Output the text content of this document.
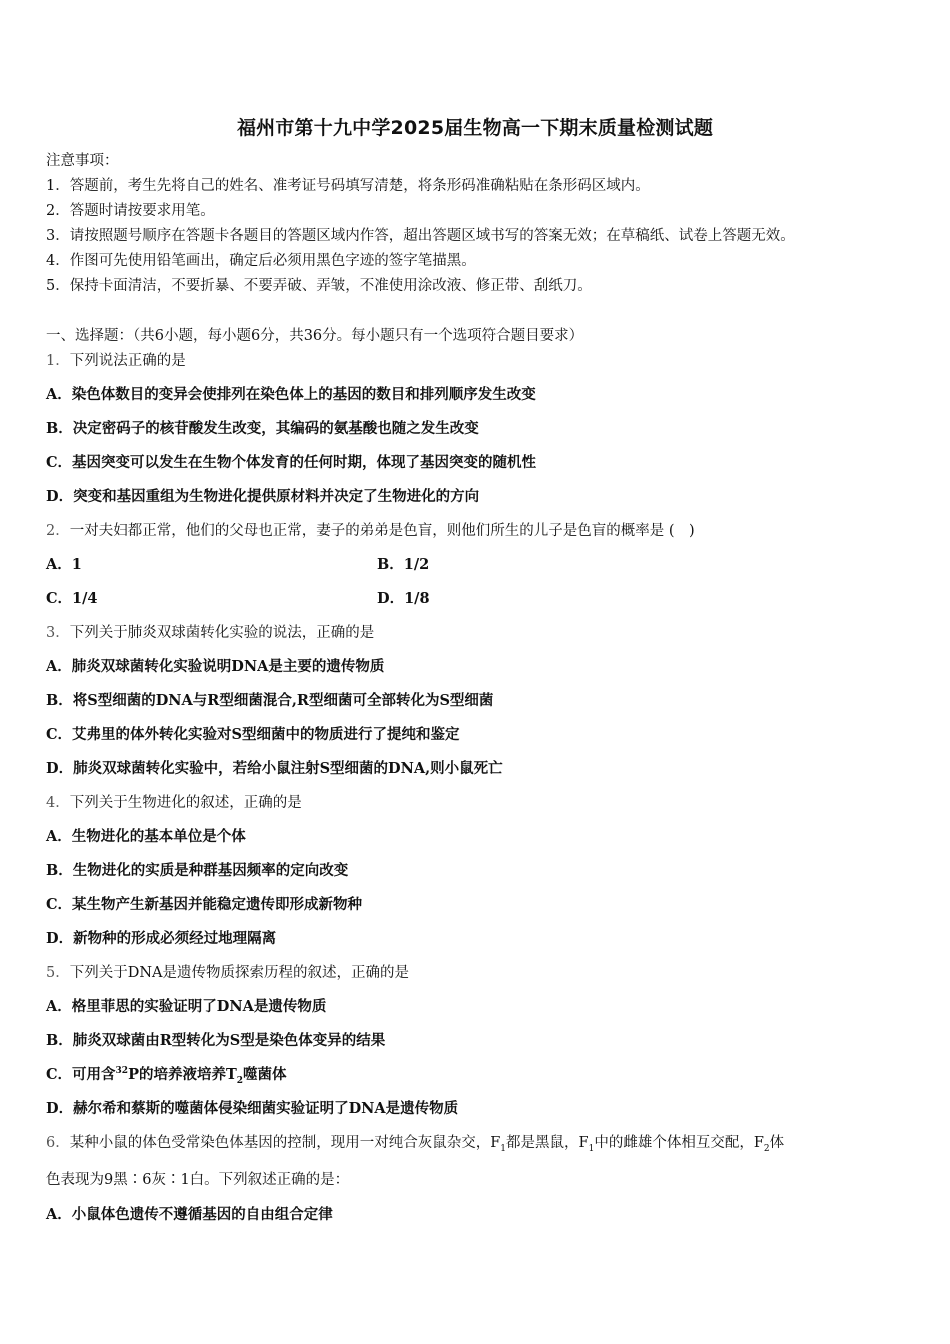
福州市第十九中学2025届生物高一下期末质量检测试题
注意事项：
1．答题前，考生先将自己的姓名、准考证号码填写清楚，将条形码准确粘贴在条形码区域内。
2．答题时请按要求用笔。
3．请按照题号顺序在答题卡各题目的答题区域内作答，超出答题区域书写的答案无效；在草稿纸、试卷上答题无效。
4．作图可先使用铅笔画出，确定后必须用黑色字迹的签字笔描黑。
5．保持卡面清洁，不要折暴、不要弄破、弄皱，不准使用涂改液、修正带、刮纸刀。
一、选择题：（共6小题，每小题6分，共36分。每小题只有一个选项符合题目要求）
1．下列说法正确的是
A．染色体数目的变异会使排列在染色体上的基因的数目和排列顺序发生改变
B．决定密码子的核苷酸发生改变，其编码的氨基酸也随之发生改变
C．基因突变可以发生在生物个体发育的任何时期，体现了基因突变的随机性
D．突变和基因重组为生物进化提供原材料并决定了生物进化的方向
2．一对夫妇都正常，他们的父母也正常，妻子的弟弟是色盲，则他们所生的儿子是色盲的概率是 (　)
A．1	B．1/2
C．1/4	D．1/8
3．下列关于肺炎双球菌转化实验的说法，正确的是
A．肺炎双球菌转化实验说明DNA是主要的遗传物质
B．将S型细菌的DNA与R型细菌混合,R型细菌可全部转化为S型细菌
C．艾弗里的体外转化实验对S型细菌中的物质进行了提纯和鉴定
D．肺炎双球菌转化实验中，若给小鼠注射S型细菌的DNA,则小鼠死亡
4．下列关于生物进化的叙述，正确的是
A．生物进化的基本单位是个体
B．生物进化的实质是种群基因频率的定向改变
C．某生物产生新基因并能稳定遗传即形成新物种
D．新物种的形成必须经过地理隔离
5．下列关于DNA是遗传物质探索历程的叙述，正确的是
A．格里菲思的实验证明了DNA是遗传物质
B．肺炎双球菌由R型转化为S型是染色体变异的结果
C．可用含$^{32}$P的培养液培养$T_2$噬菌体
D．赫尔希和蔡斯的噬菌体侵染细菌实验证明了DNA是遗传物质
6．某种小鼠的体色受常染色体基因的控制，现用一对纯合灰鼠杂交，$F_1$都是黑鼠，$F_1$中的雌雄个体相互交配，$F_2$体
色表现为9黑∶6灰∶1白。下列叙述正确的是：
A．小鼠体色遗传不遵循基因的自由组合定律
